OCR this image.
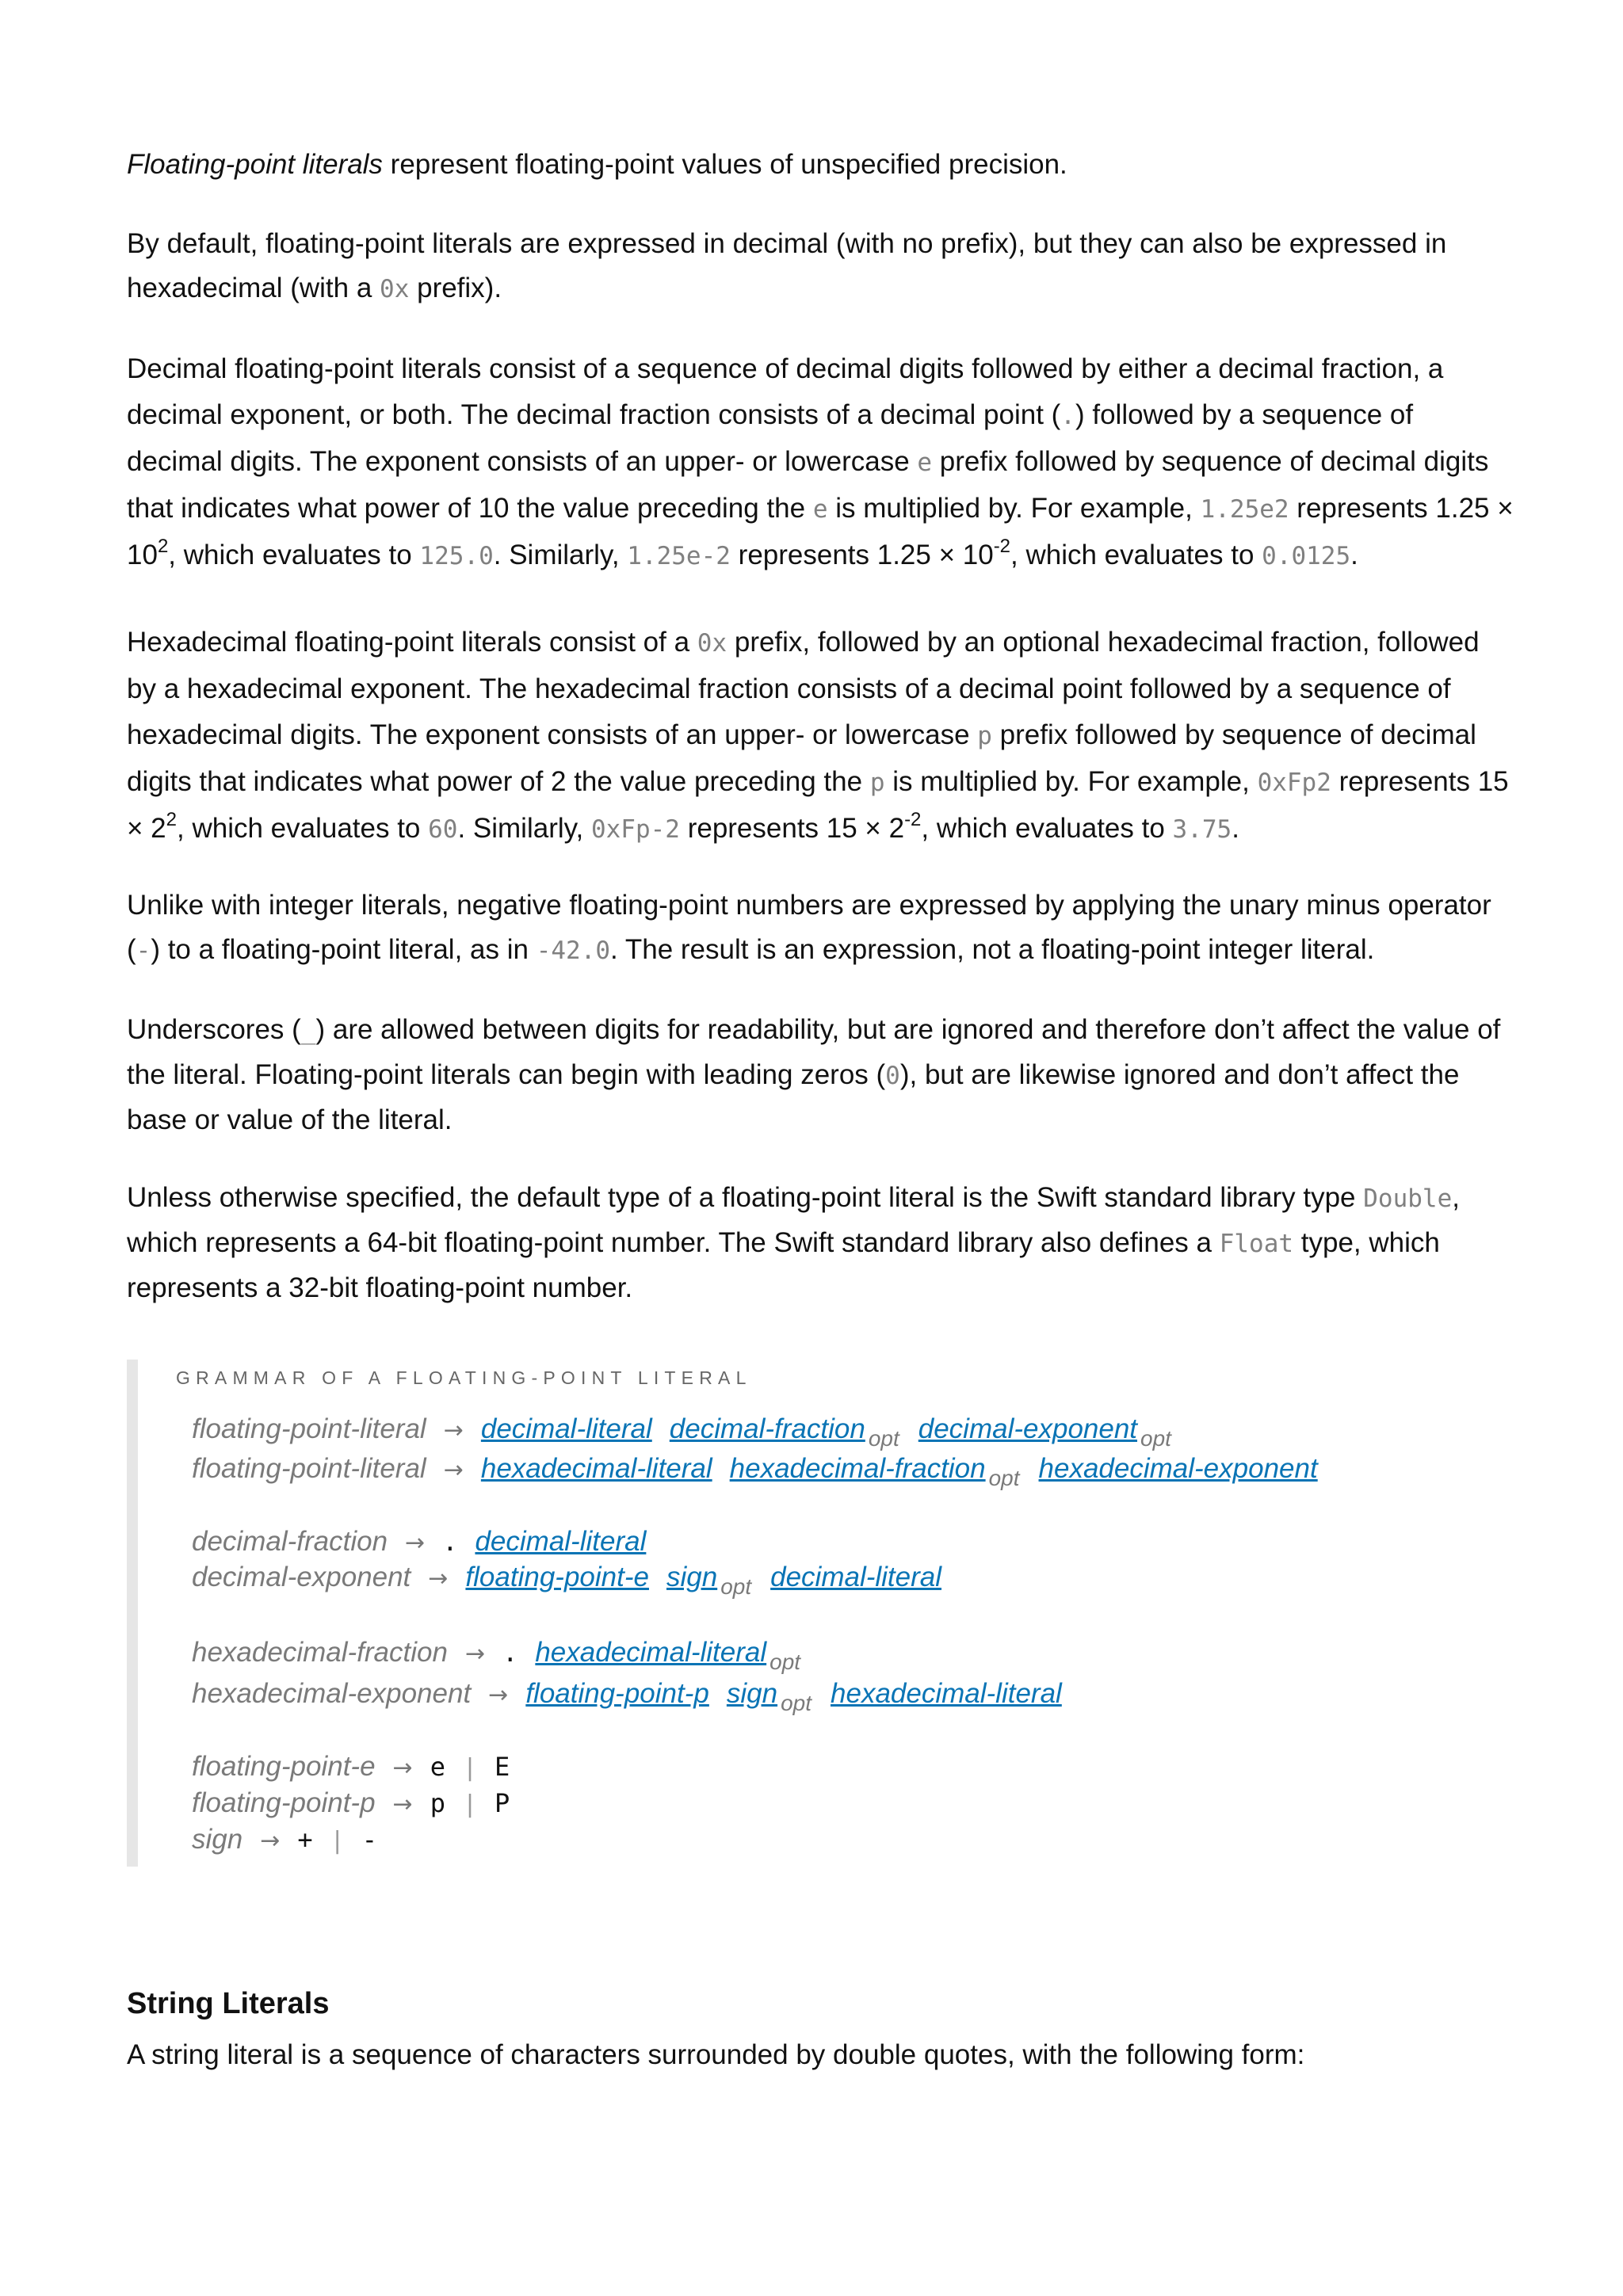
Floating-point literals represent floating-point values of unspecified precision.

By default, floating-point literals are expressed in decimal (with no prefix), but they can also be expressed in hexadecimal (with a 0x prefix).

Decimal floating-point literals consist of a sequence of decimal digits followed by either a decimal fraction, a decimal exponent, or both. The decimal fraction consists of a decimal point (.) followed by a sequence of decimal digits. The exponent consists of an upper- or lowercase e prefix followed by sequence of decimal digits that indicates what power of 10 the value preceding the e is multiplied by. For example, 1.25e2 represents $1.25 \times 10^2$, which evaluates to 125.0. Similarly, 1.25e-2 represents $1.25 \times 10^{-2}$, which evaluates to 0.0125.

Hexadecimal floating-point literals consist of a 0x prefix, followed by an optional hexadecimal fraction, followed by a hexadecimal exponent. The hexadecimal fraction consists of a decimal point followed by a sequence of hexadecimal digits. The exponent consists of an upper- or lowercase p prefix followed by sequence of decimal digits that indicates what power of 2 the value preceding the p is multiplied by. For example, 0xFp2 represents $15 \times 2^2$, which evaluates to 60. Similarly, 0xFp-2 represents $15 \times 2^{-2}$, which evaluates to 3.75.

Unlike with integer literals, negative floating-point numbers are expressed by applying the unary minus operator (-) to a floating-point literal, as in -42.0. The result is an expression, not a floating-point integer literal.

Underscores (_) are allowed between digits for readability, but are ignored and therefore don’t affect the value of the literal. Floating-point literals can begin with leading zeros (0), but are likewise ignored and don’t affect the base or value of the literal.

Unless otherwise specified, the default type of a floating-point literal is the Swift standard library type Double, which represents a 64-bit floating-point number. The Swift standard library also defines a Float type, which represents a 32-bit floating-point number.

GRAMMAR OF A FLOATING-POINT LITERAL
floating-point-literal → decimal-literal decimal-fraction $_{opt}$ decimal-exponent $_{opt}$
floating-point-literal → hexadecimal-literal hexadecimal-fraction $_{opt}$ hexadecimal-exponent
decimal-fraction → . decimal-literal
decimal-exponent → floating-point-e sign $_{opt}$ decimal-literal
hexadecimal-fraction → . hexadecimal-literal $_{opt}$
hexadecimal-exponent → floating-point-p sign $_{opt}$ hexadecimal-literal
floating-point-e → e | E
floating-point-p → p | P
sign → + | -
String Literals

A string literal is a sequence of characters surrounded by double quotes, with the following form:
